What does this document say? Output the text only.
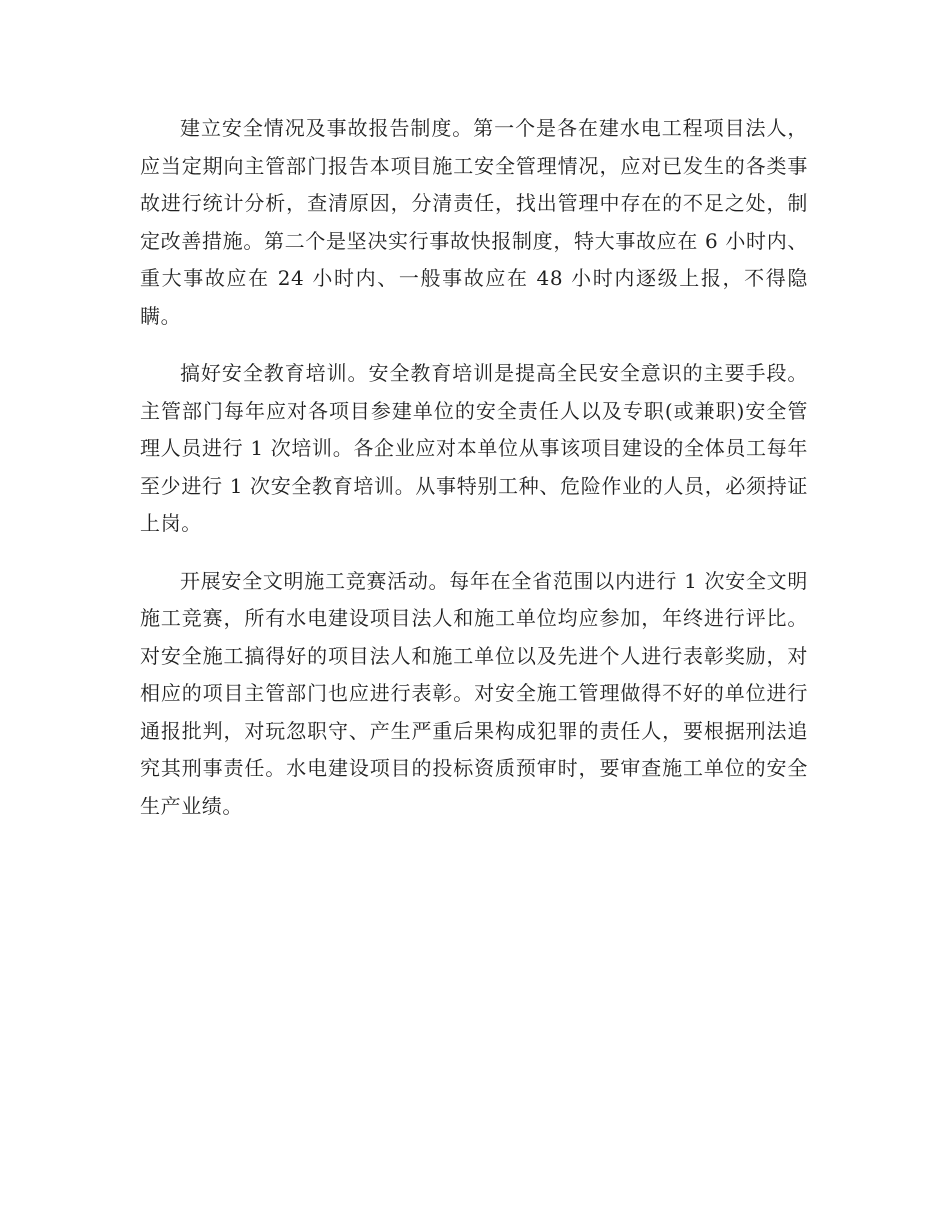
建立安全情况及事故报告制度。第一个是各在建水电工程项目法人，应当定期向主管部门报告本项目施工安全管理情况，应对已发生的各类事故进行统计分析，查清原因，分清责任，找出管理中存在的不足之处，制定改善措施。第二个是坚决实行事故快报制度，特大事故应在 6 小时内、重大事故应在 24 小时内、一般事故应在 48 小时内逐级上报，不得隐瞒。

搞好安全教育培训。安全教育培训是提高全民安全意识的主要手段。主管部门每年应对各项目参建单位的安全责任人以及专职(或兼职)安全管理人员进行 1 次培训。各企业应对本单位从事该项目建设的全体员工每年至少进行 1 次安全教育培训。从事特别工种、危险作业的人员，必须持证上岗。

开展安全文明施工竞赛活动。每年在全省范围以内进行 1 次安全文明施工竞赛，所有水电建设项目法人和施工单位均应参加，年终进行评比。对安全施工搞得好的项目法人和施工单位以及先进个人进行表彰奖励，对相应的项目主管部门也应进行表彰。对安全施工管理做得不好的单位进行通报批判，对玩忽职守、产生严重后果构成犯罪的责任人，要根据刑法追究其刑事责任。水电建设项目的投标资质预审时，要审查施工单位的安全生产业绩。
